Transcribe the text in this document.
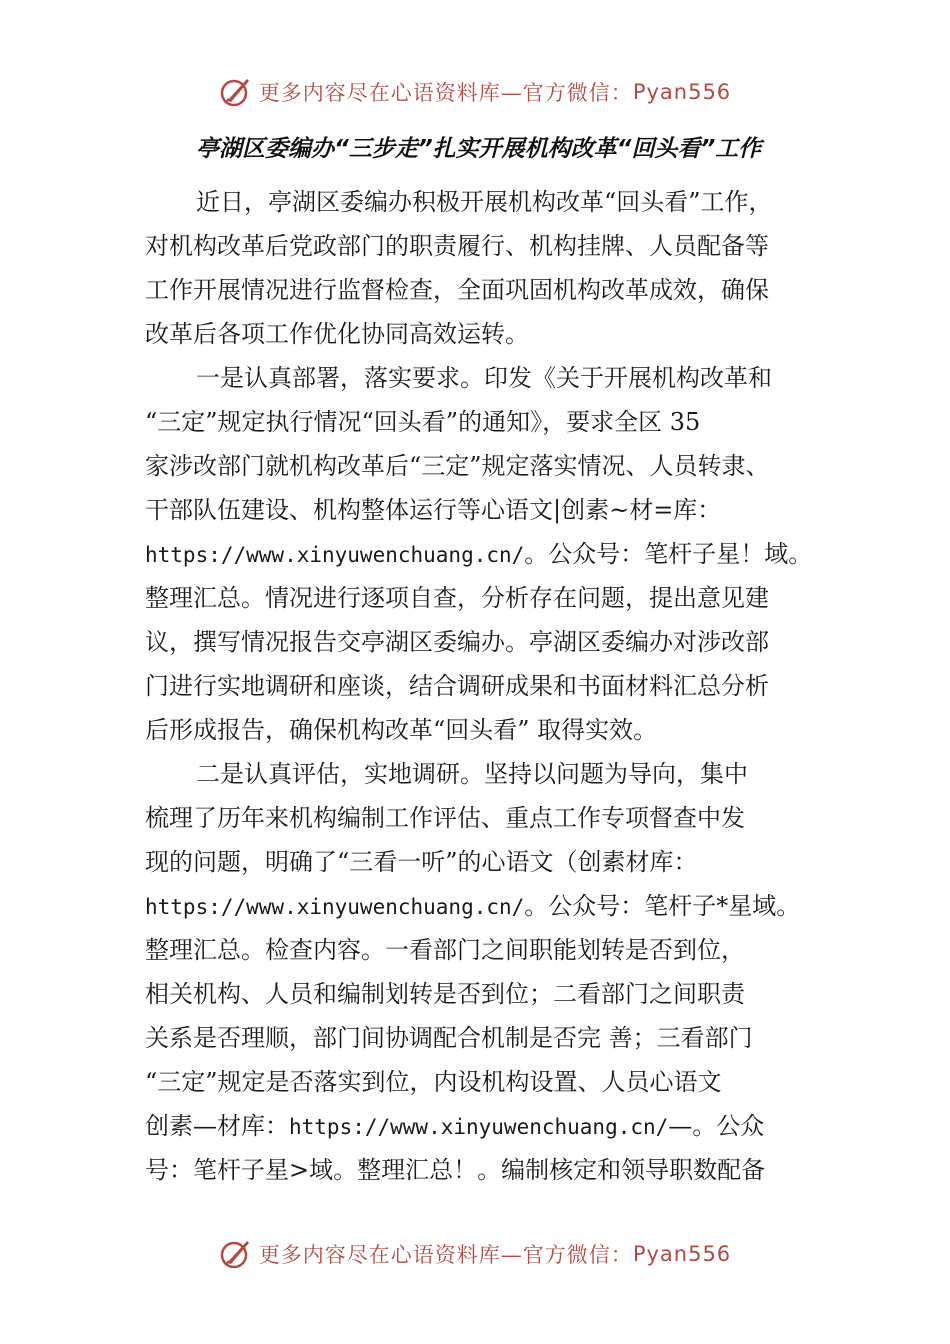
更多内容尽在心语资料库—官方微信： Pyan556
亭湖区委编办“三步走”扎实开展机构改革“回头看”工作
近日，亭湖区委编办积极开展机构改革“回头看”工作，
对机构改革后党政部门的职责履行、机构挂牌、人员配备等
工作开展情况进行监督检查，全面巩固机构改革成效，确保
改革后各项工作优化协同高效运转。
一是认真部署，落实要求。印发《关于开展机构改革和
“三定”规定执行情况“回头看”的通知》，要求全区 35
家涉改部门就机构改革后“三定”规定落实情况、人员转隶、
干部队伍建设、机构整体运行等心语文|创素~材=库：
https://www.xinyuwenchuang.cn/。公众号：笔杆子星！域。
整理汇总。情况进行逐项自查，分析存在问题，提出意见建
议，撰写情况报告交亭湖区委编办。亭湖区委编办对涉改部
门进行实地调研和座谈，结合调研成果和书面材料汇总分析
后形成报告，确保机构改革“回头看” 取得实效。
二是认真评估，实地调研。坚持以问题为导向，集中
梳理了历年来机构编制工作评估、重点工作专项督查中发
现的问题，明确了“三看一听”的心语文（创素材库：
https://www.xinyuwenchuang.cn/。公众号：笔杆子*星域。
整理汇总。检查内容。一看部门之间职能划转是否到位，
相关机构、人员和编制划转是否到位；二看部门之间职责
关系是否理顺，部门间协调配合机制是否完 善；三看部门
“三定”规定是否落实到位，内设机构设置、人员心语文
创素—材库：https://www.xinyuwenchuang.cn/—。公众
号：笔杆子星>域。整理汇总！。编制核定和领导职数配备
更多内容尽在心语资料库—官方微信： Pyan556
